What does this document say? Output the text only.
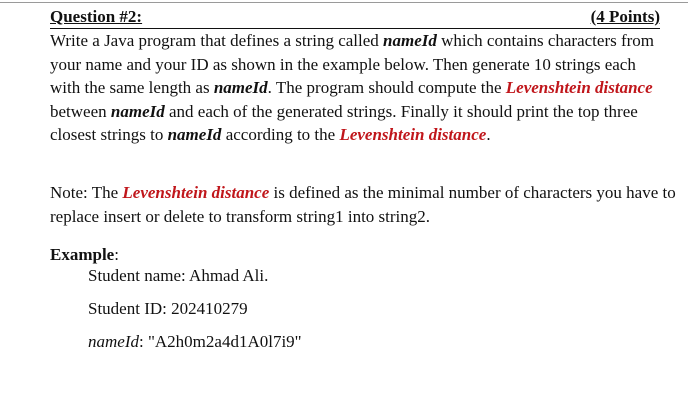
Question #2:	(4 Points)

Write a Java program that defines a string called nameId which contains characters from your name and your ID as shown in the example below. Then generate 10 strings each with the same length as nameId. The program should compute the Levenshtein distance between nameId and each of the generated strings. Finally it should print the top three closest strings to nameId according to the Levenshtein distance.

Note: The Levenshtein distance is defined as the minimal number of characters you have to replace insert or delete to transform string1 into string2.

Example:
Student name: Ahmad Ali.
Student ID: 202410279
nameId: "A2h0m2a4d1A0l7i9"
